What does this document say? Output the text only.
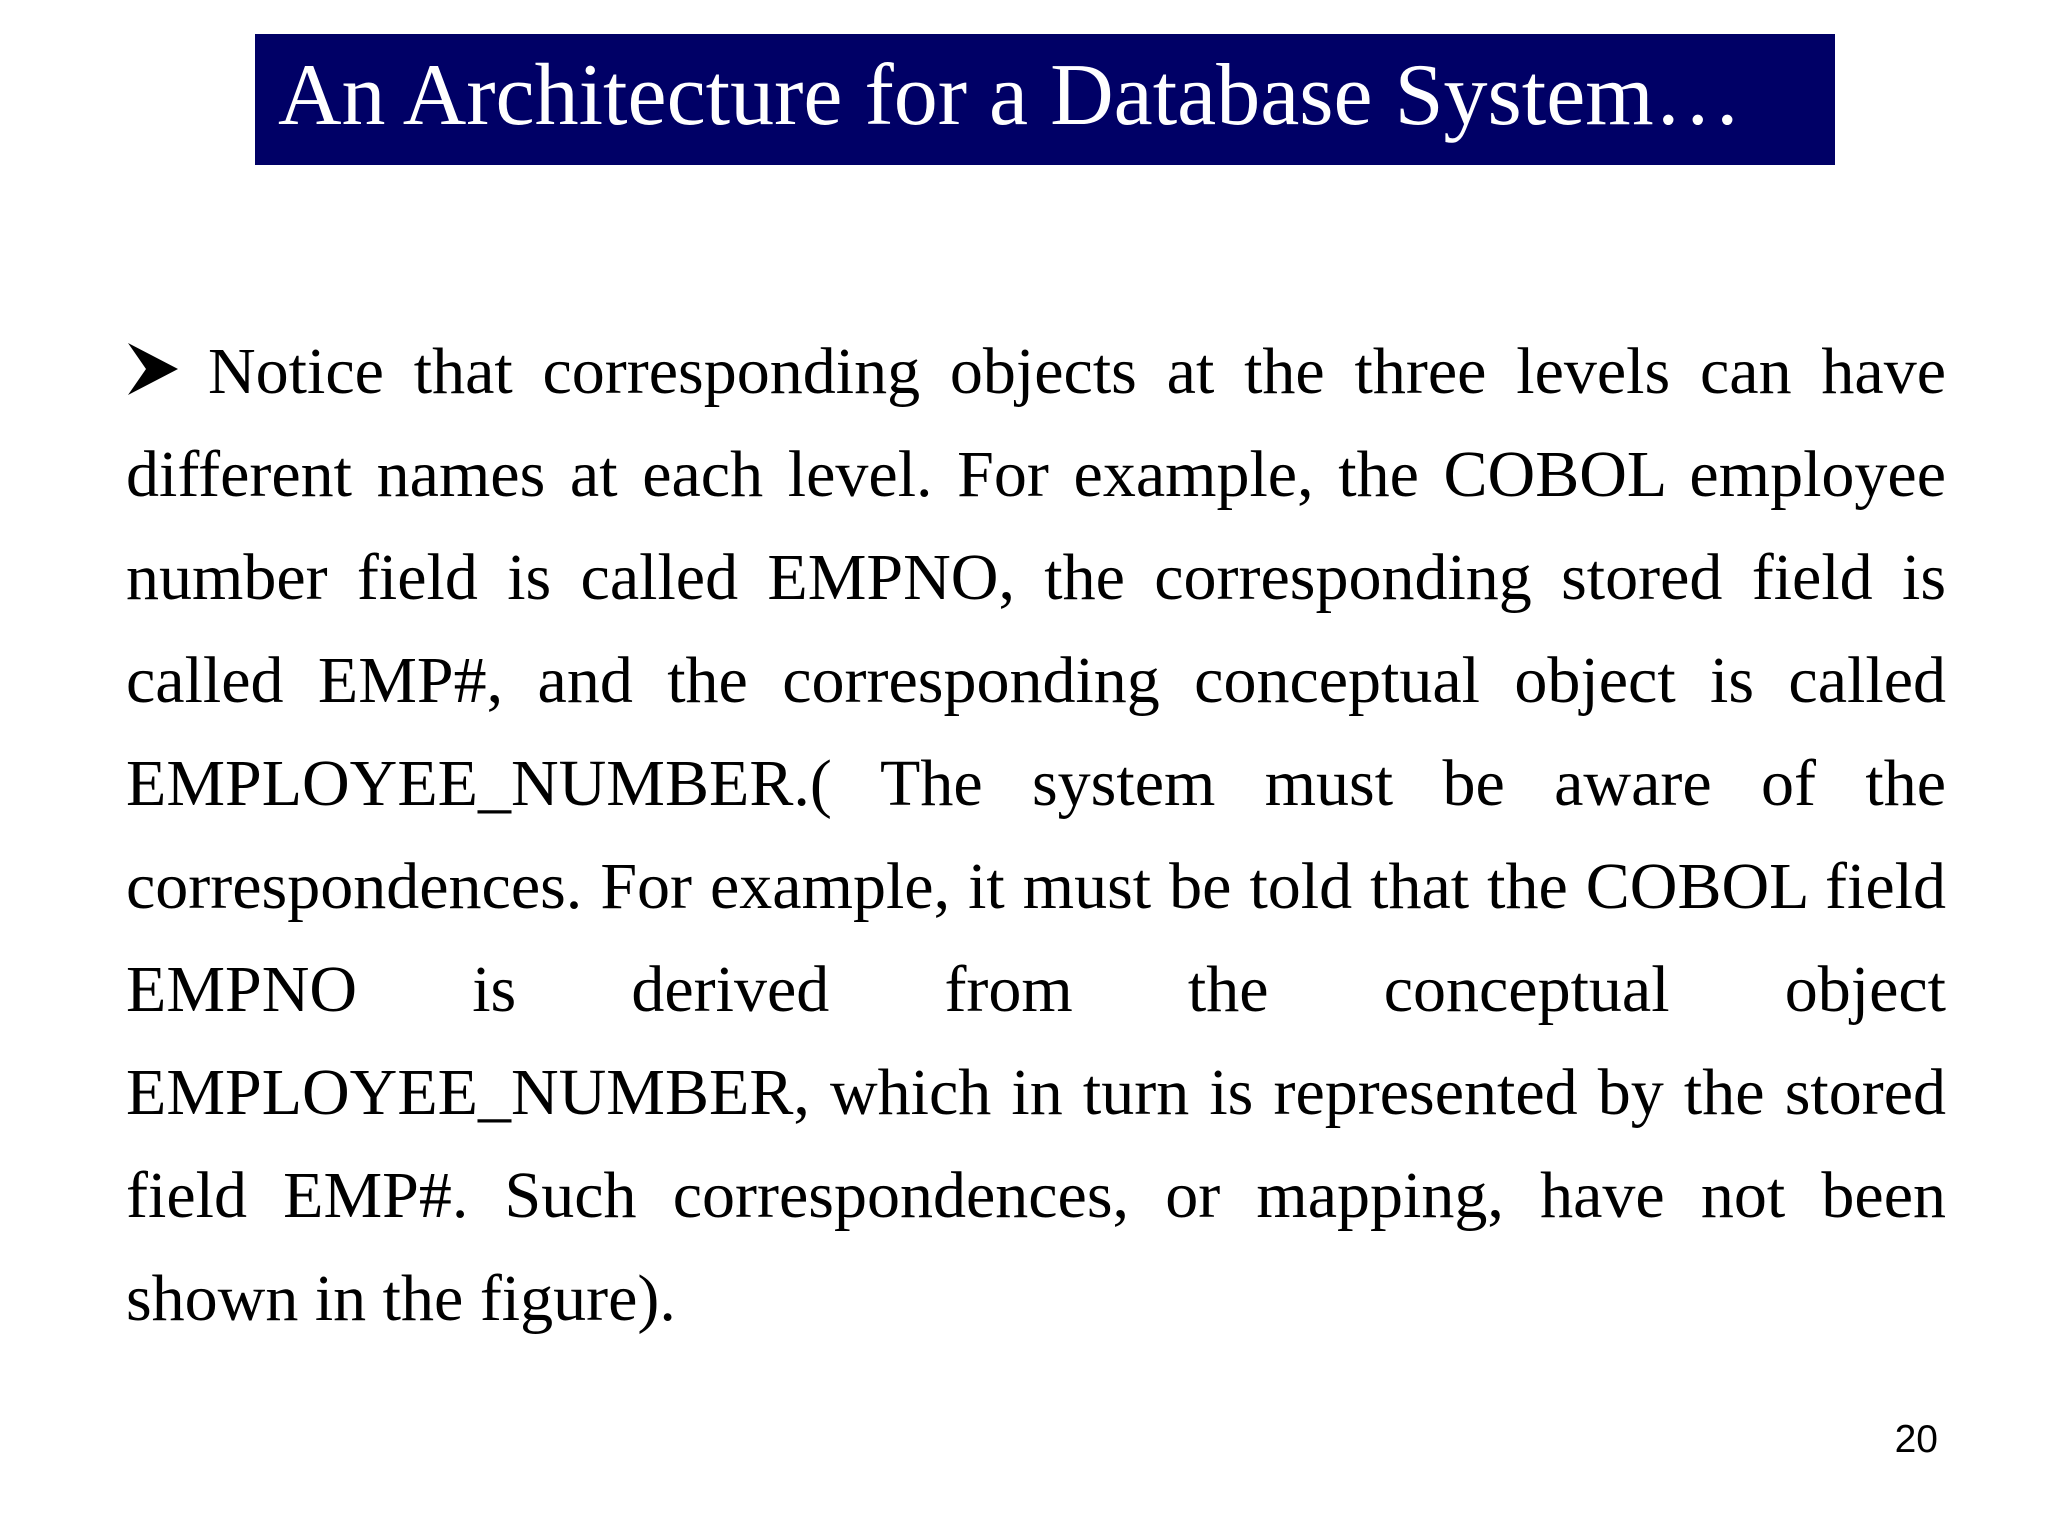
An Architecture for a Database System…

Notice that corresponding objects at the three levels can have different names at each level. For example, the COBOL employee number field is called EMPNO, the corresponding stored field is called EMP#, and the corresponding conceptual object is called EMPLOYEE_NUMBER.( The system must be aware of the correspondences. For example, it must be told that the COBOL field EMPNO is derived from the conceptual object EMPLOYEE_NUMBER, which in turn is represented by the stored field EMP#. Such correspondences, or mapping, have not been shown in the figure).

20
